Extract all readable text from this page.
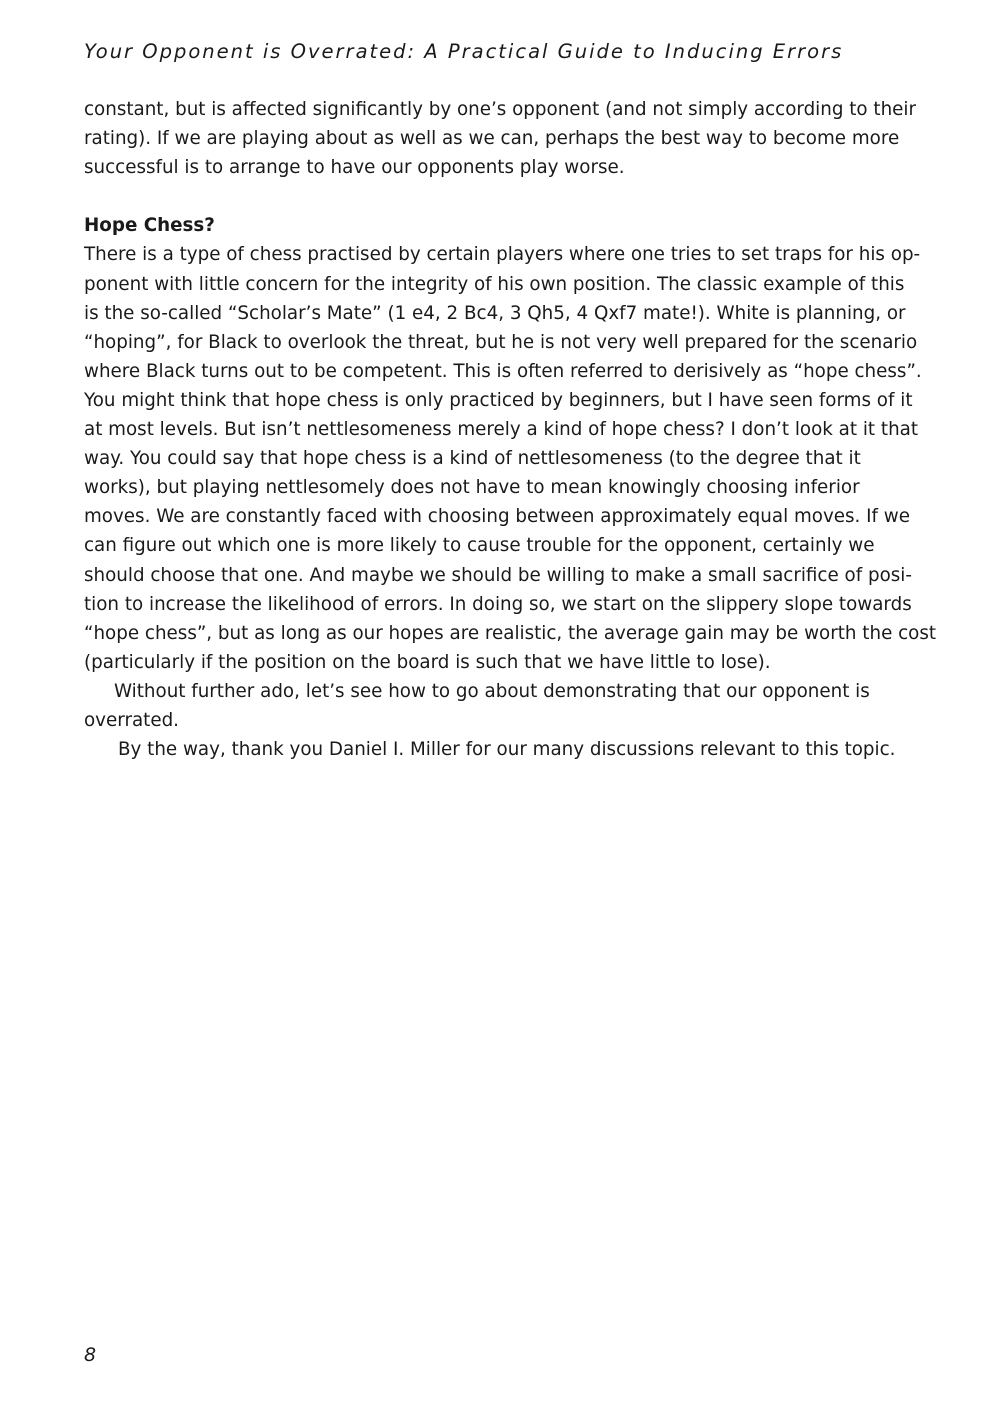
Your Opponent is Overrated: A Practical Guide to Inducing Errors
constant, but is affected significantly by one’s opponent (and not simply according to their
rating). If we are playing about as well as we can, perhaps the best way to become more
successful is to arrange to have our opponents play worse.
Hope Chess?
There is a type of chess practised by certain players where one tries to set traps for his op-
ponent with little concern for the integrity of his own position. The classic example of this
is the so-called “Scholar’s Mate” (1 e4, 2 Bc4, 3 Qh5, 4 Qxf7 mate!). White is planning, or
“hoping”, for Black to overlook the threat, but he is not very well prepared for the scenario
where Black turns out to be competent. This is often referred to derisively as “hope chess”.
You might think that hope chess is only practiced by beginners, but I have seen forms of it
at most levels. But isn’t nettlesomeness merely a kind of hope chess? I don’t look at it that
way. You could say that hope chess is a kind of nettlesomeness (to the degree that it
works), but playing nettlesomely does not have to mean knowingly choosing inferior
moves. We are constantly faced with choosing between approximately equal moves. If we
can figure out which one is more likely to cause trouble for the opponent, certainly we
should choose that one. And maybe we should be willing to make a small sacrifice of posi-
tion to increase the likelihood of errors. In doing so, we start on the slippery slope towards
“hope chess”, but as long as our hopes are realistic, the average gain may be worth the cost
(particularly if the position on the board is such that we have little to lose).
Without further ado, let’s see how to go about demonstrating that our opponent is
overrated.
By the way, thank you Daniel I. Miller for our many discussions relevant to this topic.
8
